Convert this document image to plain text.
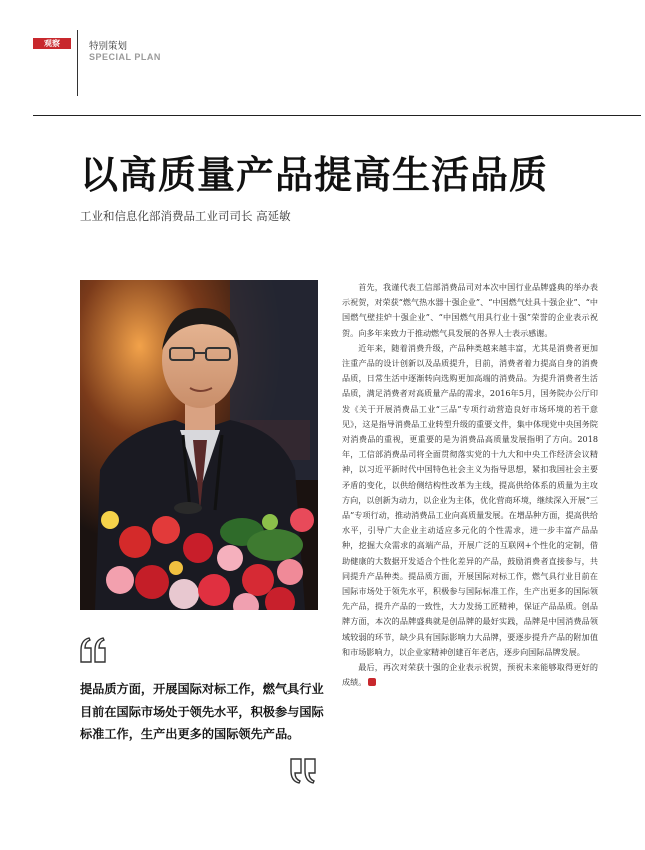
观察	特别策划
SPECIAL PLAN
以高质量产品提高生活品质
工业和信息化部消费品工业司司长 高延敏
提品质方面，开展国际对标工作，燃气具行业目前在国际市场处于领先水平，积极参与国际标准工作，生产出更多的国际领先产品。

首先，我谨代表工信部消费品司对本次中国行业品牌盛典的举办表示祝贺，对荣获“燃气热水器十强企业”、“中国燃气灶具十强企业”、“中国燃气壁挂炉十强企业”、“中国燃气用具行业十强”荣誉的企业表示祝贺。向多年来致力于推动燃气具发展的各界人士表示感谢。

近年来，随着消费升级，产品种类越来越丰富，尤其是消费者更加注重产品的设计创新以及品质提升，目前，消费者着力提高自身的消费品质，日常生活中逐渐转向选购更加高端的消费品。为提升消费者生活品质，满足消费者对高质量产品的需求，2016年5月，国务院办公厅印发《关于开展消费品工业“三品”专项行动营造良好市场环境的若干意见》，这是指导消费品工业转型升级的重要文件，集中体现党中央国务院对消费品的重视，更重要的是为消费品高质量发展指明了方向。2018年，工信部消费品司将全面贯彻落实党的十九大和中央工作经济会议精神，以习近平新时代中国特色社会主义为指导思想，紧扣我国社会主要矛盾的变化，以供给侧结构性改革为主线，提高供给体系的质量为主攻方向，以创新为动力，以企业为主体，优化营商环境，继续深入开展“三品”专项行动，推动消费品工业向高质量发展。在增品种方面，提高供给水平，引导广大企业主动适应多元化的个性需求，进一步丰富产品品种，挖掘大众需求的高端产品，开展广泛的互联网+个性化的定制，借助健康的大数据开发适合个性化差异的产品，鼓励消费者直接参与，共同提升产品种类。提品质方面，开展国际对标工作，燃气具行业目前在国际市场处于领先水平，积极参与国际标准工作，生产出更多的国际领先产品，提升产品的一致性，大力发扬工匠精神，保证产品品质。创品牌方面，本次的品牌盛典就是创品牌的最好实践，品牌是中国消费品领域较弱的环节，缺少具有国际影响力大品牌，要逐步提升产品的附加值和市场影响力，以企业家精神创建百年老店，逐步向国际品牌发展。

最后，再次对荣获十强的企业表示祝贺，预祝未来能够取得更好的成绩。
